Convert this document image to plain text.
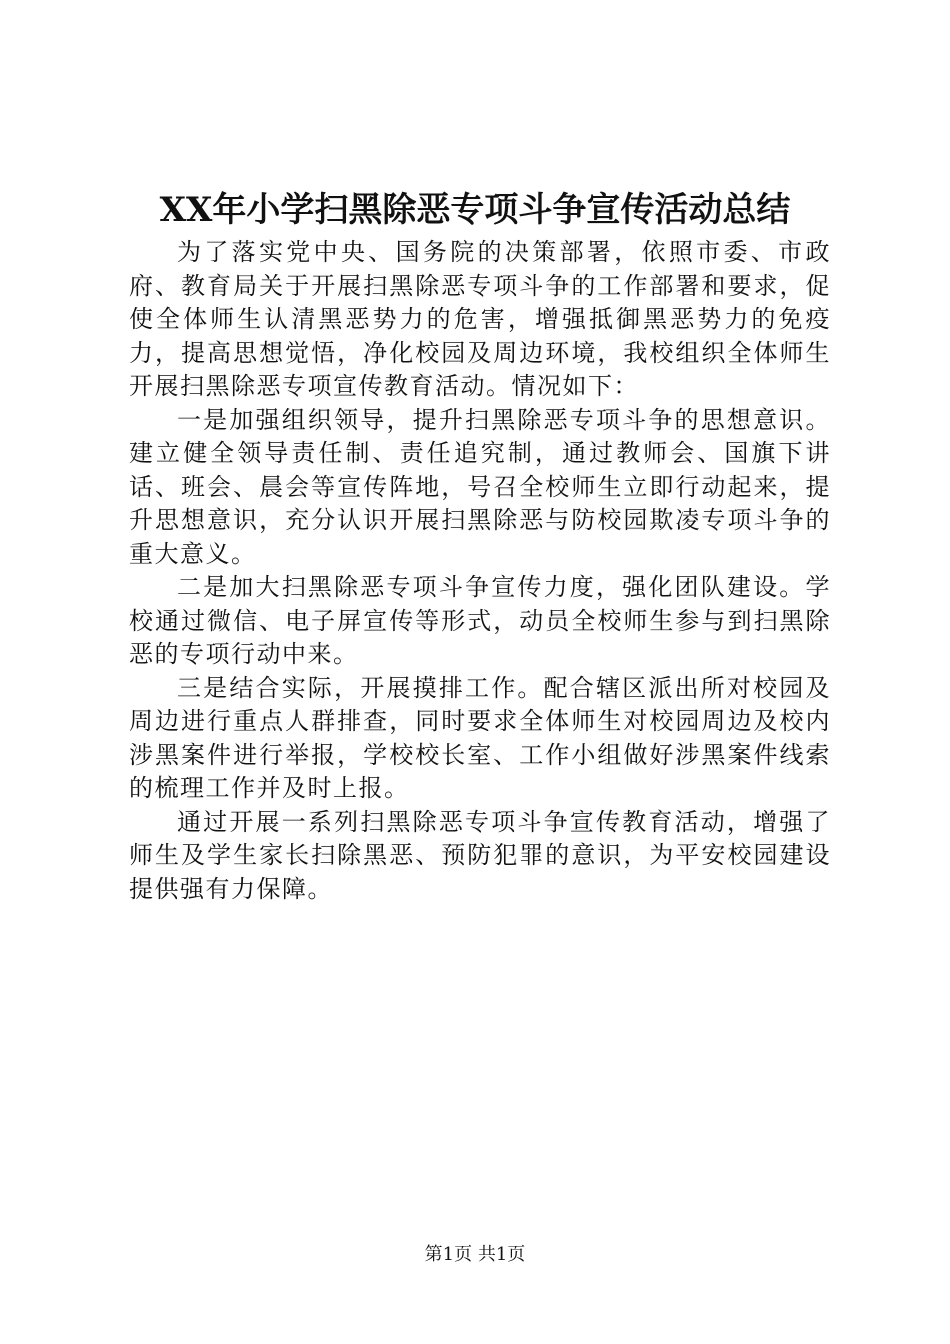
XX年小学扫黑除恶专项斗争宣传活动总结

为了落实党中央、国务院的决策部署，依照市委、市政府、教育局关于开展扫黑除恶专项斗争的工作部署和要求，促使全体师生认清黑恶势力的危害，增强抵御黑恶势力的免疫力，提高思想觉悟，净化校园及周边环境，我校组织全体师生开展扫黑除恶专项宣传教育活动。情况如下：

一是加强组织领导，提升扫黑除恶专项斗争的思想意识。建立健全领导责任制、责任追究制，通过教师会、国旗下讲话、班会、晨会等宣传阵地，号召全校师生立即行动起来，提升思想意识，充分认识开展扫黑除恶与防校园欺凌专项斗争的重大意义。

二是加大扫黑除恶专项斗争宣传力度，强化团队建设。学校通过微信、电子屏宣传等形式，动员全校师生参与到扫黑除恶的专项行动中来。

三是结合实际，开展摸排工作。配合辖区派出所对校园及周边进行重点人群排查，同时要求全体师生对校园周边及校内涉黑案件进行举报，学校校长室、工作小组做好涉黑案件线索的梳理工作并及时上报。

通过开展一系列扫黑除恶专项斗争宣传教育活动，增强了师生及学生家长扫除黑恶、预防犯罪的意识，为平安校园建设提供强有力保障。

第1页 共1页
